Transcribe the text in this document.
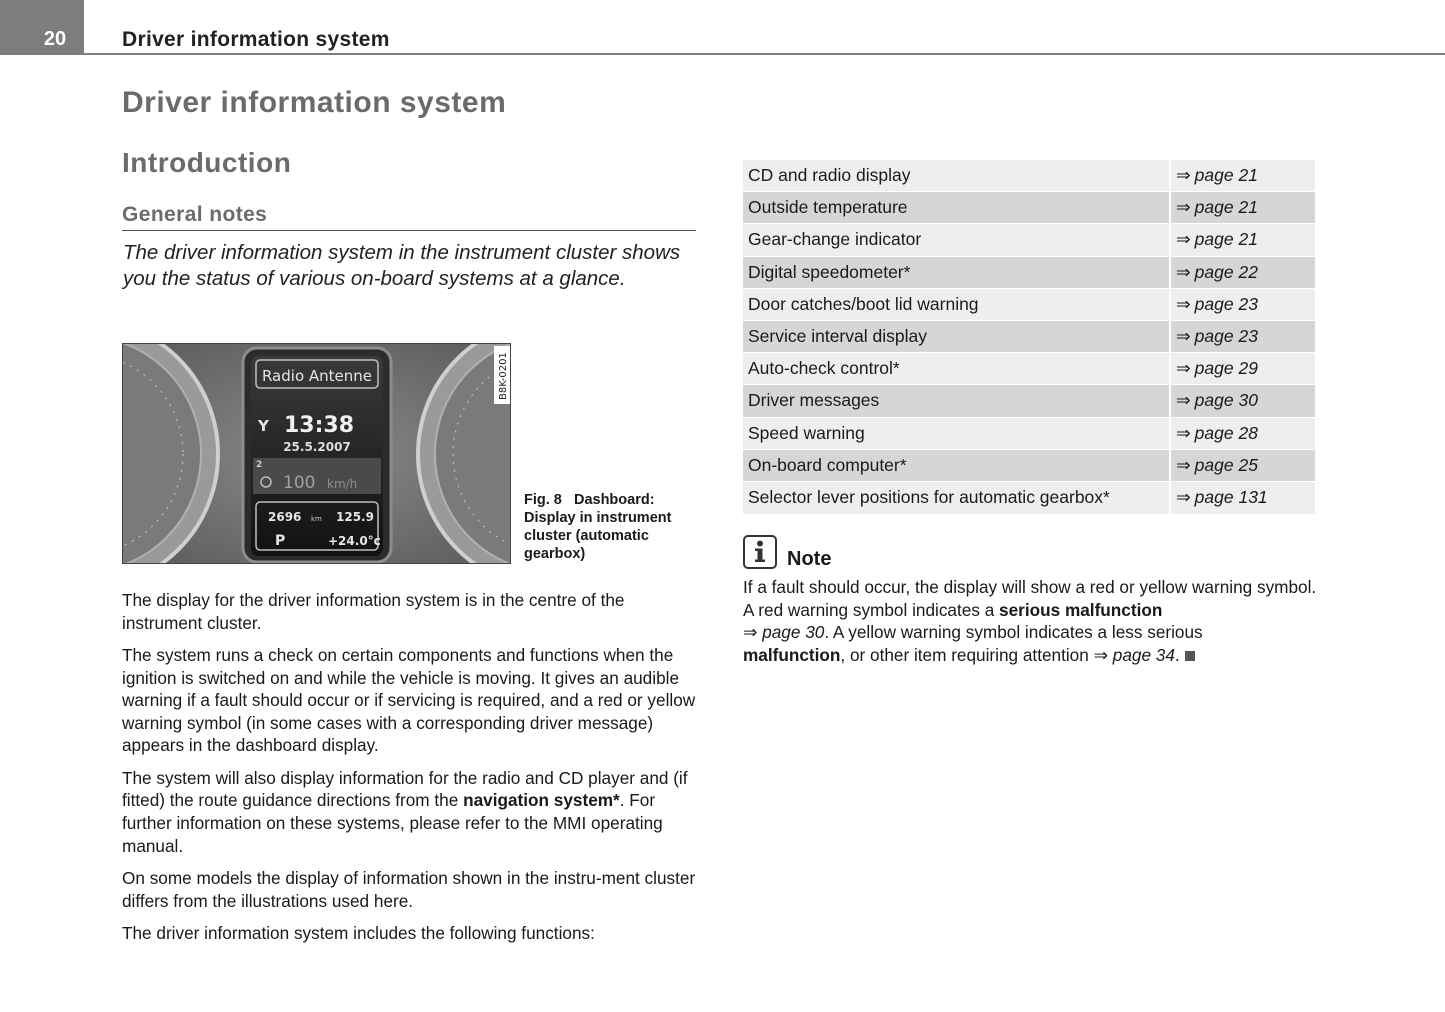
20	Driver information system
Driver information system
Introduction
General notes
The driver information system in the instrument cluster shows you the status of various on-board systems at a glance.
Radio Antenne
Y 13:38
25.5.2007
2
100 km/h
2696 km 125.9
P	+24.0°c
B8K-0201
Fig. 8 Dashboard: Display in instrument cluster (automatic gearbox)

The display for the driver information system is in the centre of the instrument cluster.

The system runs a check on certain components and functions when the ignition is switched on and while the vehicle is moving. It gives an audible warning if a fault should occur or if servicing is required, and a red or yellow warning symbol (in some cases with a corresponding driver message) appears in the dashboard display.

The system will also display information for the radio and CD player and (if fitted) the route guidance directions from the navigation system*. For further information on these systems, please refer to the MMI operating manual.

On some models the display of information shown in the instru-ment cluster differs from the illustrations used here.

The driver information system includes the following functions:

CD and radio display	⇒ page 21
Outside temperature	⇒ page 21
Gear-change indicator	⇒ page 21
Digital speedometer*	⇒ page 22
Door catches/boot lid warning	⇒ page 23
Service interval display	⇒ page 23
Auto-check control*	⇒ page 29
Driver messages	⇒ page 30
Speed warning	⇒ page 28
On-board computer*	⇒ page 25
Selector lever positions for automatic gearbox*	⇒ page 131
Note
If a fault should occur, the display will show a red or yellow warning symbol. A red warning symbol indicates a serious malfunction
⇒ page 30. A yellow warning symbol indicates a less serious
malfunction, or other item requiring attention ⇒ page 34.
